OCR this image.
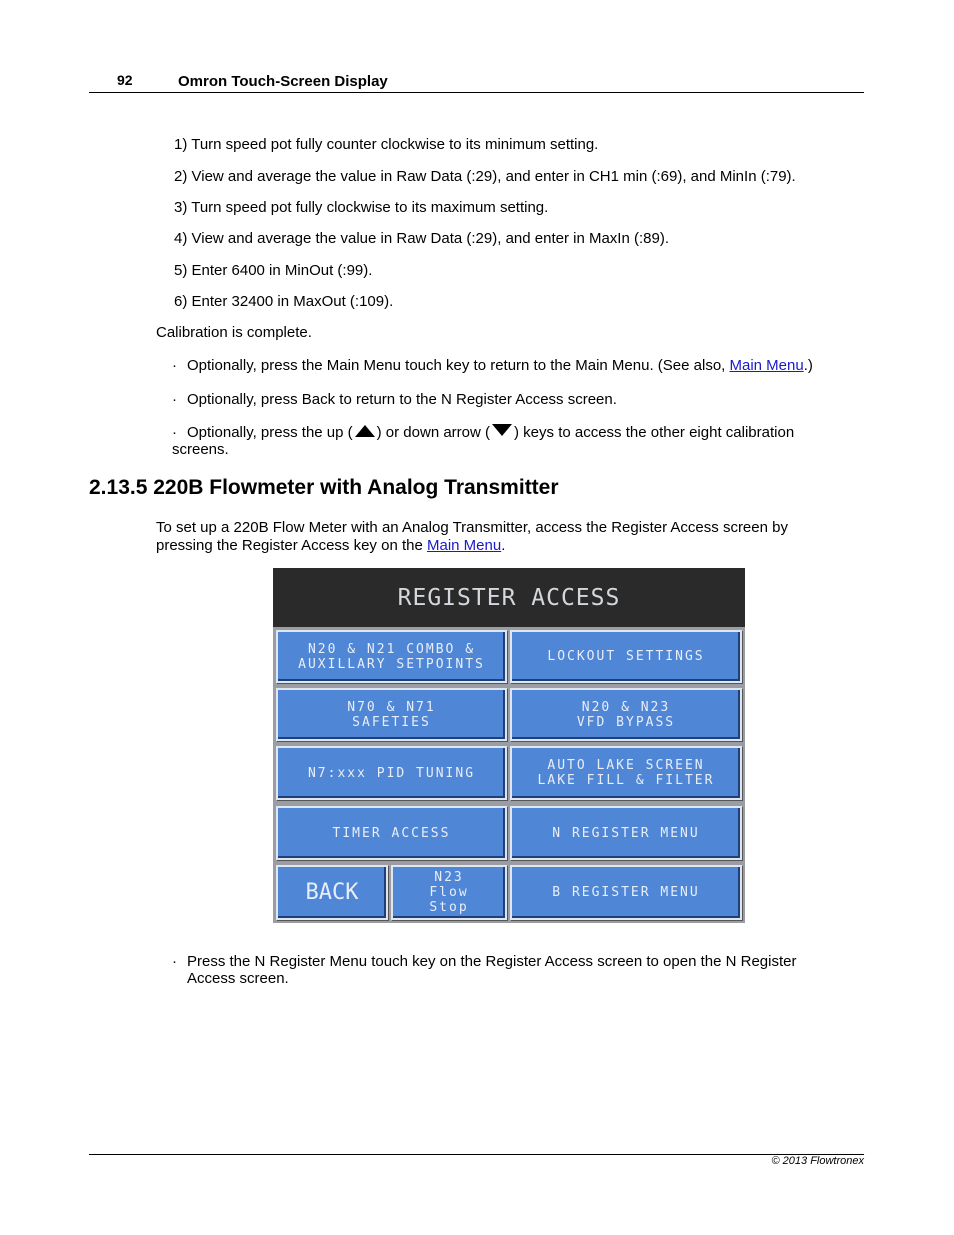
92	Omron Touch-Screen Display
1) Turn speed pot fully counter clockwise to its minimum setting.
2) View and average the value in Raw Data (:29), and enter in CH1 min (:69), and MinIn (:79).
3) Turn speed pot fully clockwise to its maximum setting.
4) View and average the value in Raw Data (:29), and enter in MaxIn (:89).
5) Enter 6400 in MinOut (:99).
6) Enter 32400 in MaxOut (:109).
Calibration is complete.
· Optionally, press the Main Menu touch key to return to the Main Menu. (See also, Main Menu.)
· Optionally, press Back to return to the N Register Access screen.
· Optionally, press the up ( ) or down arrow ( ) keys to access the other eight calibration
screens.
2.13.5 220B Flowmeter with Analog Transmitter
To set up a 220B Flow Meter with an Analog Transmitter, access the Register Access screen by
pressing the Register Access key on the Main Menu.
REGISTER ACCESS
N20 & N21 COMBO &
AUXILLARY SETPOINTS	LOCKOUT SETTINGS
N70 & N71
SAFETIES
N20 & N23
VFD BYPASS
N7:xxx PID TUNING	AUTO LAKE SCREEN
LAKE FILL & FILTER
TIMER ACCESS	N REGISTER MENU
BACK
N23
Flow
Stop
B REGISTER MENU
· Press the N Register Menu touch key on the Register Access screen to open the N Register
Access screen.
© 2013 Flowtronex
